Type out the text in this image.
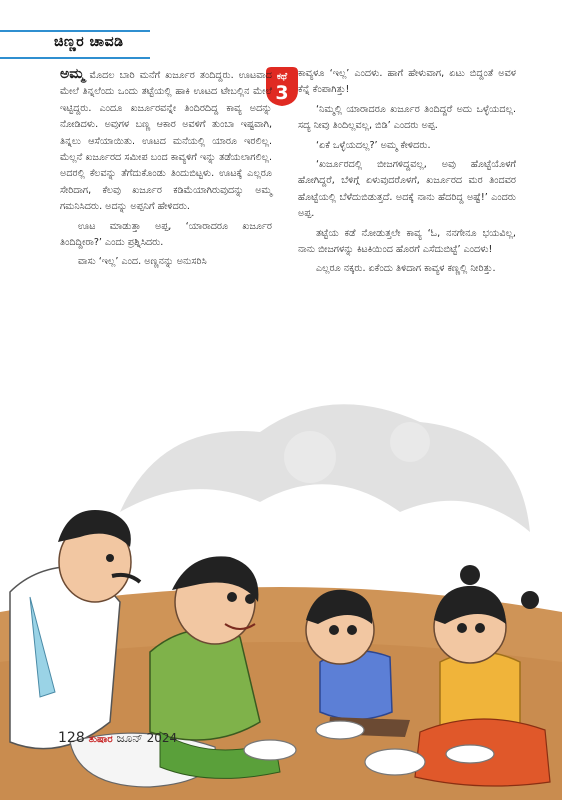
ಚಿಣ್ಣರ ಚಾವಡಿ
ಕಥೆ
3

ಅಮ್ಮ ಮೊದಲ ಬಾರಿ ಮನೆಗೆ ಖರ್ಜೂರ ತಂದಿದ್ದರು. ಊಟವಾದ ಮೇಲೆ ತಿನ್ನಲೆಂದು ಒಂದು ತಟ್ಟೆಯಲ್ಲಿ ಹಾಕಿ ಊಟದ ಟೇಬಲ್ಲಿನ ಮೇಲೆ ಇಟ್ಟಿದ್ದರು. ಎಂದೂ ಖರ್ಜೂರವನ್ನೇ ತಿಂದಿರದಿದ್ದ ಕಾವ್ಯ ಅದನ್ನು ನೋಡಿದಳು. ಅವುಗಳ ಬಣ್ಣ ಆಕಾರ ಅವಳಿಗೆ ತುಂಬಾ ಇಷ್ಟವಾಗಿ, ತಿನ್ನಲು ಆಸೆಯಾಯಿತು. ಊಟದ ಮನೆಯಲ್ಲಿ ಯಾರೂ ಇರಲಿಲ್ಲ. ಮೆಲ್ಲನೆ ಖರ್ಜೂರದ ಸಮೀಪ ಬಂದ ಕಾವ್ಯಳಿಗೆ ಇನ್ನು ತಡೆಯಲಾಗಲಿಲ್ಲ. ಅದರಲ್ಲಿ ಕೆಲವನ್ನು ತೆಗೆದುಕೊಂಡು ತಿಂದುಬಿಟ್ಟಳು. ಊಟಕ್ಕೆ ಎಲ್ಲರೂ ಸೇರಿದಾಗ, ಕೆಲವು ಖರ್ಜೂರ ಕಡಿಮೆಯಾಗಿರುವುದನ್ನು ಅಮ್ಮ ಗಮನಿಸಿದರು. ಅದನ್ನು ಅಪ್ಪನಿಗೆ ಹೇಳಿದರು.

ಊಟ ಮಾಡುತ್ತಾ ಅಪ್ಪ, ‘ಯಾರಾದರೂ ಖರ್ಜೂರ ತಿಂದಿದ್ದೀರಾ?’ ಎಂದು ಪ್ರಶ್ನಿಸಿದರು.

ವಾಸು ‘ಇಲ್ಲ’ ಎಂದ. ಅಣ್ಣನನ್ನು ಅನುಸರಿಸಿ

ಕಾವ್ಯಳೂ ‘ಇಲ್ಲ’ ಎಂದಳು. ಹಾಗೆ ಹೇಳುವಾಗ, ಏಟು ಬಿದ್ದಂತೆ ಅವಳ ಕೆನ್ನೆ ಕೆಂಪಾಗಿತ್ತು!

‘ನಿಮ್ಮಲ್ಲಿ ಯಾರಾದರೂ ಖರ್ಜೂರ ತಿಂದಿದ್ದರೆ ಅದು ಒಳ್ಳೆಯದಲ್ಲ. ಸದ್ಯ ನೀವು ತಿಂದಿಲ್ಲವಲ್ಲ, ಬಿಡಿ’ ಎಂದರು ಅಪ್ಪ.

‘ಏಕೆ ಒಳ್ಳೆಯದಲ್ಲ?’ ಅಮ್ಮ ಕೇಳಿದರು.

‘ಖರ್ಜೂರದಲ್ಲಿ ಬೀಜಗಳಿದ್ದವಲ್ಲ, ಅವು ಹೊಟ್ಟೆಯೊಳಗೆ ಹೋಗಿದ್ದರೆ, ಬೆಳಿಗ್ಗೆ ಏಳುವುದರೊಳಗೆ, ಖರ್ಜೂರದ ಮರ ತಿಂದವರ ಹೊಟ್ಟೆಯಲ್ಲಿ ಬೆಳೆದುಬಿಡುತ್ತದೆ. ಅದಕ್ಕೆ ನಾನು ಹೆದರಿದ್ದ ಅಷ್ಟೆ!’ ಎಂದರು ಅಪ್ಪ.

ತಟ್ಟೆಯ ಕಡೆ ನೋಡುತ್ತಲೇ ಕಾವ್ಯ ‘ಓ, ನನಗೇನೂ ಭಯವಿಲ್ಲ, ನಾನು ಬೀಜಗಳನ್ನು ಕಿಟಕಿಯಿಂದ ಹೊರಗೆ ಎಸೆದುಬಿಟ್ಟೆ’ ಎಂದಳು!

ಎಲ್ಲರೂ ನಕ್ಕರು. ಏಕೆಂದು ತಿಳಿದಾಗ ಕಾವ್ಯಳ ಕಣ್ಣಲ್ಲಿ ನೀರಿತ್ತು.

128 ತುಷಾರ ಜೂನ್ 2024
